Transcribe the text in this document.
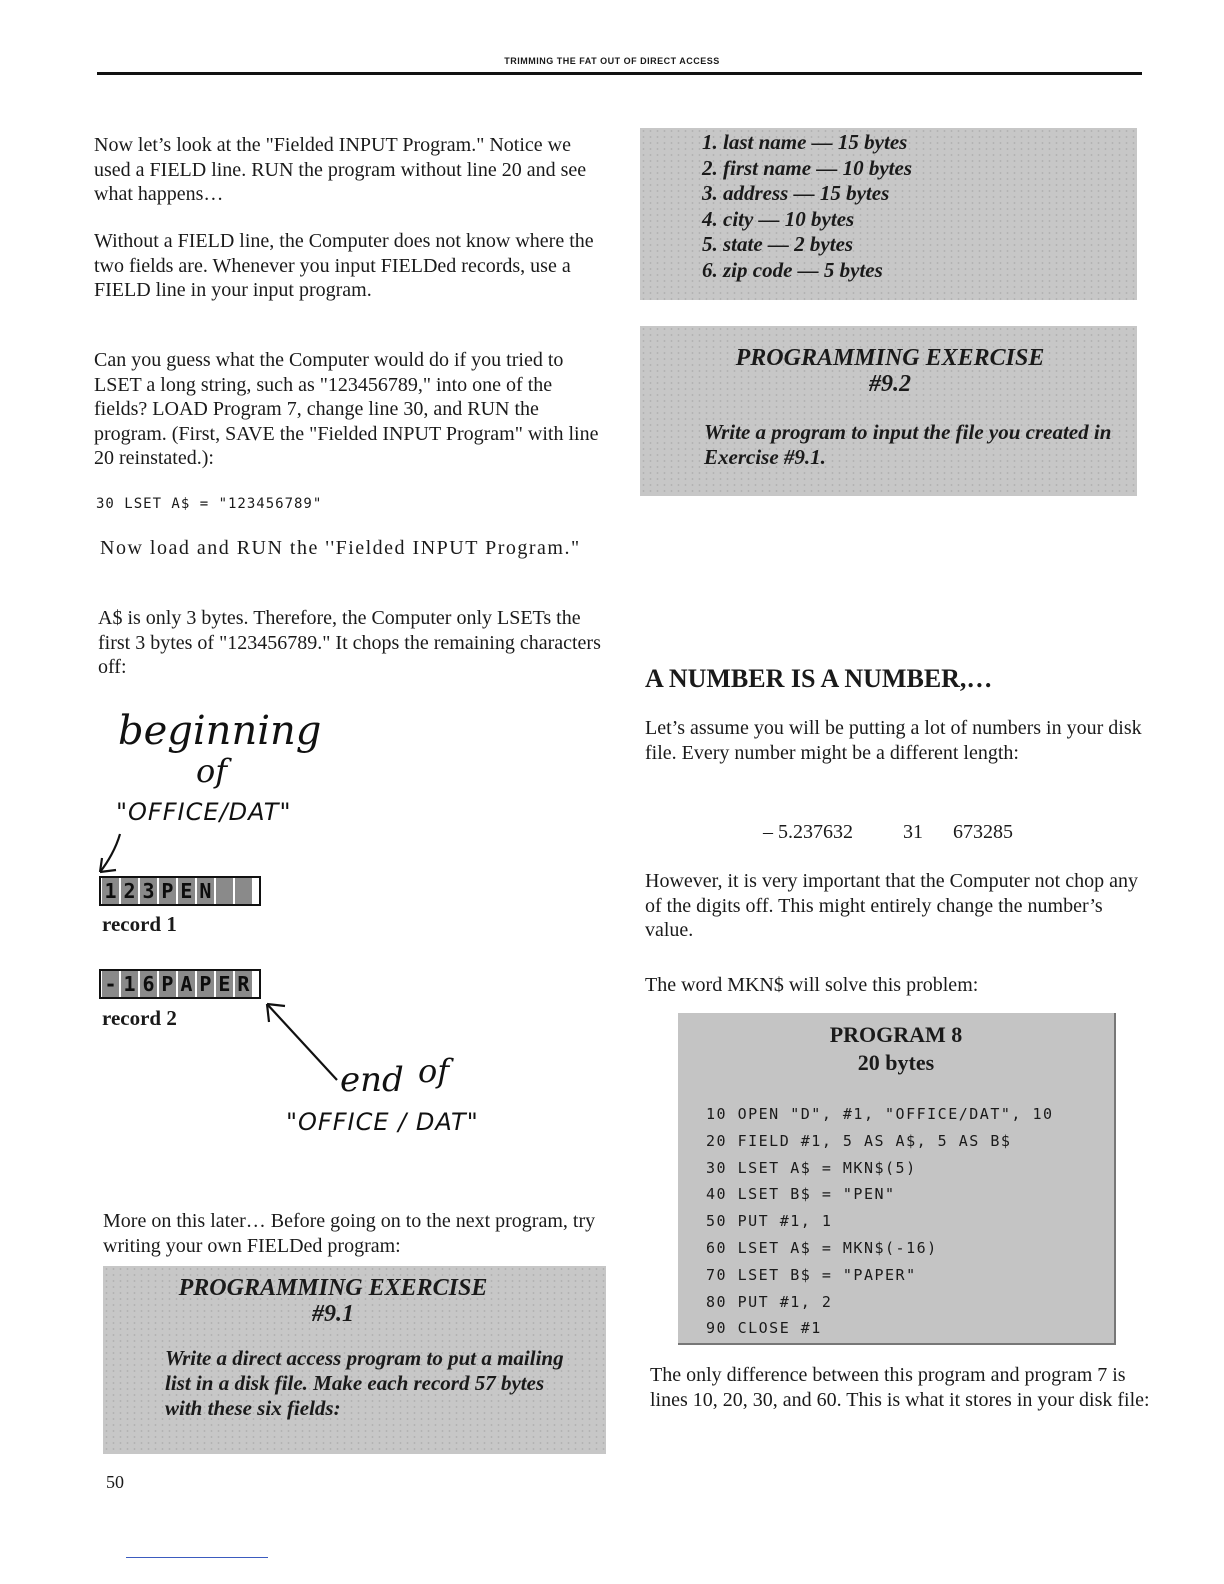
TRIMMING THE FAT OUT OF DIRECT ACCESS

Now let’s look at the "Fielded INPUT Program." Notice we used a FIELD line. RUN the program without line 20 and see what happens…

Without a FIELD line, the Computer does not know where the two fields are. Whenever you input FIELDed records, use a FIELD line in your input program.

Can you guess what the Computer would do if you tried to LSET a long string, such as "123456789," into one of the fields? LOAD Program 7, change line 30, and RUN the program. (First, SAVE the "Fielded INPUT Program" with line 20 reinstated.):

30 LSET A$ = "123456789"

Now load and RUN the ''Fielded INPUT Program."

A$ is only 3 bytes. Therefore, the Computer only LSETs the first 3 bytes of "123456789." It chops the remaining characters off:

beginning
of
"OFFICE/DAT"
1 2 3 P E N
record 1
- 1 6 P A P E R
record 2
end of
"OFFICE / DAT"

More on this later… Before going on to the next program, try writing your own FIELDed program:

PROGRAMMING EXERCISE

#9.1

Write a direct access program to put a mailing list in a disk file. Make each record 57 bytes with these six fields:

50
1. last name — 15 bytes
2. first name — 10 bytes
3. address — 15 bytes
4. city — 10 bytes
5. state — 2 bytes
6. zip code — 5 bytes

PROGRAMMING EXERCISE

#9.2

Write a program to input the file you created in Exercise #9.1.

A NUMBER IS A NUMBER,…

Let’s assume you will be putting a lot of numbers in your disk file. Every number might be a different length:

– 5.237632	31 673285

However, it is very important that the Computer not chop any of the digits off. This might entirely change the number’s value.

The word MKN$ will solve this problem:

PROGRAM 8
20 bytes
10 OPEN "D", #1, "OFFICE/DAT", 10
20 FIELD #1, 5 AS A$, 5 AS B$
30 LSET A$ = MKN$(5)
40 LSET B$ = "PEN"
50 PUT #1, 1
60 LSET A$ = MKN$(-16)
70 LSET B$ = "PAPER"
80 PUT #1, 2
90 CLOSE #1

The only difference between this program and program 7 is lines 10, 20, 30, and 60. This is what it stores in your disk file:
